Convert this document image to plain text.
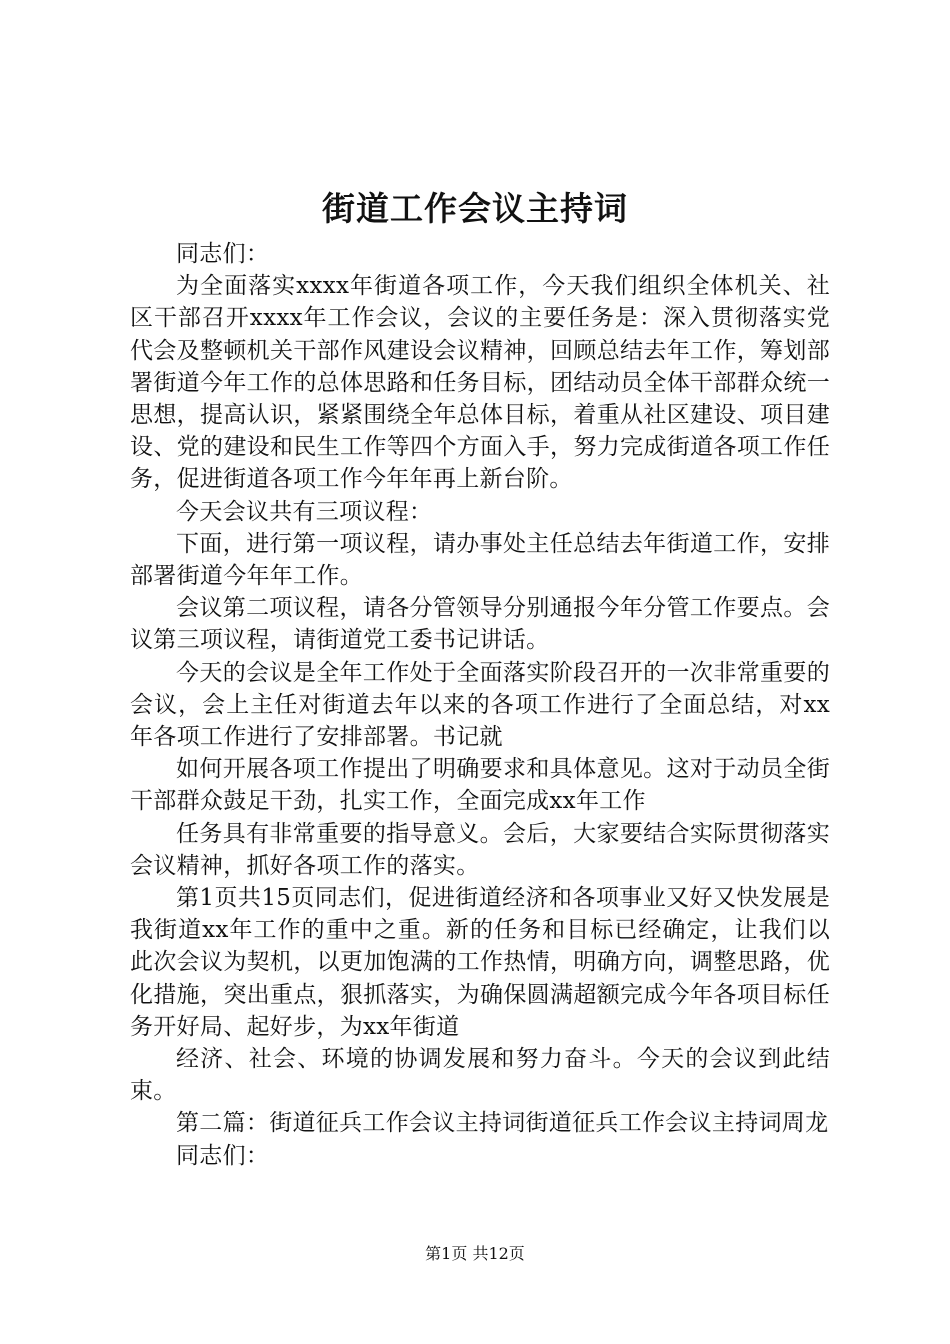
街道工作会议主持词

同志们：

为全面落实xxxx年街道各项工作，今天我们组织全体机关、社区干部召开xxxx年工作会议，会议的主要任务是：深入贯彻落实党代会及整顿机关干部作风建设会议精神，回顾总结去年工作，筹划部署街道今年工作的总体思路和任务目标，团结动员全体干部群众统一思想，提高认识，紧紧围绕全年总体目标，着重从社区建设、项目建设、党的建设和民生工作等四个方面入手，努力完成街道各项工作任务，促进街道各项工作今年年再上新台阶。

今天会议共有三项议程：

下面，进行第一项议程，请办事处主任总结去年街道工作，安排部署街道今年年工作。

会议第二项议程，请各分管领导分别通报今年分管工作要点。会议第三项议程，请街道党工委书记讲话。

今天的会议是全年工作处于全面落实阶段召开的一次非常重要的会议，会上主任对街道去年以来的各项工作进行了全面总结，对xx年各项工作进行了安排部署。书记就

如何开展各项工作提出了明确要求和具体意见。这对于动员全街干部群众鼓足干劲，扎实工作，全面完成xx年工作

任务具有非常重要的指导意义。会后，大家要结合实际贯彻落实会议精神，抓好各项工作的落实。

第1页共15页同志们，促进街道经济和各项事业又好又快发展是我街道xx年工作的重中之重。新的任务和目标已经确定，让我们以此次会议为契机，以更加饱满的工作热情，明确方向，调整思路，优化措施，突出重点，狠抓落实，为确保圆满超额完成今年各项目标任务开好局、起好步，为xx年街道

经济、社会、环境的协调发展和努力奋斗。今天的会议到此结束。

第二篇：街道征兵工作会议主持词街道征兵工作会议主持词周龙

同志们：

第1页 共12页
